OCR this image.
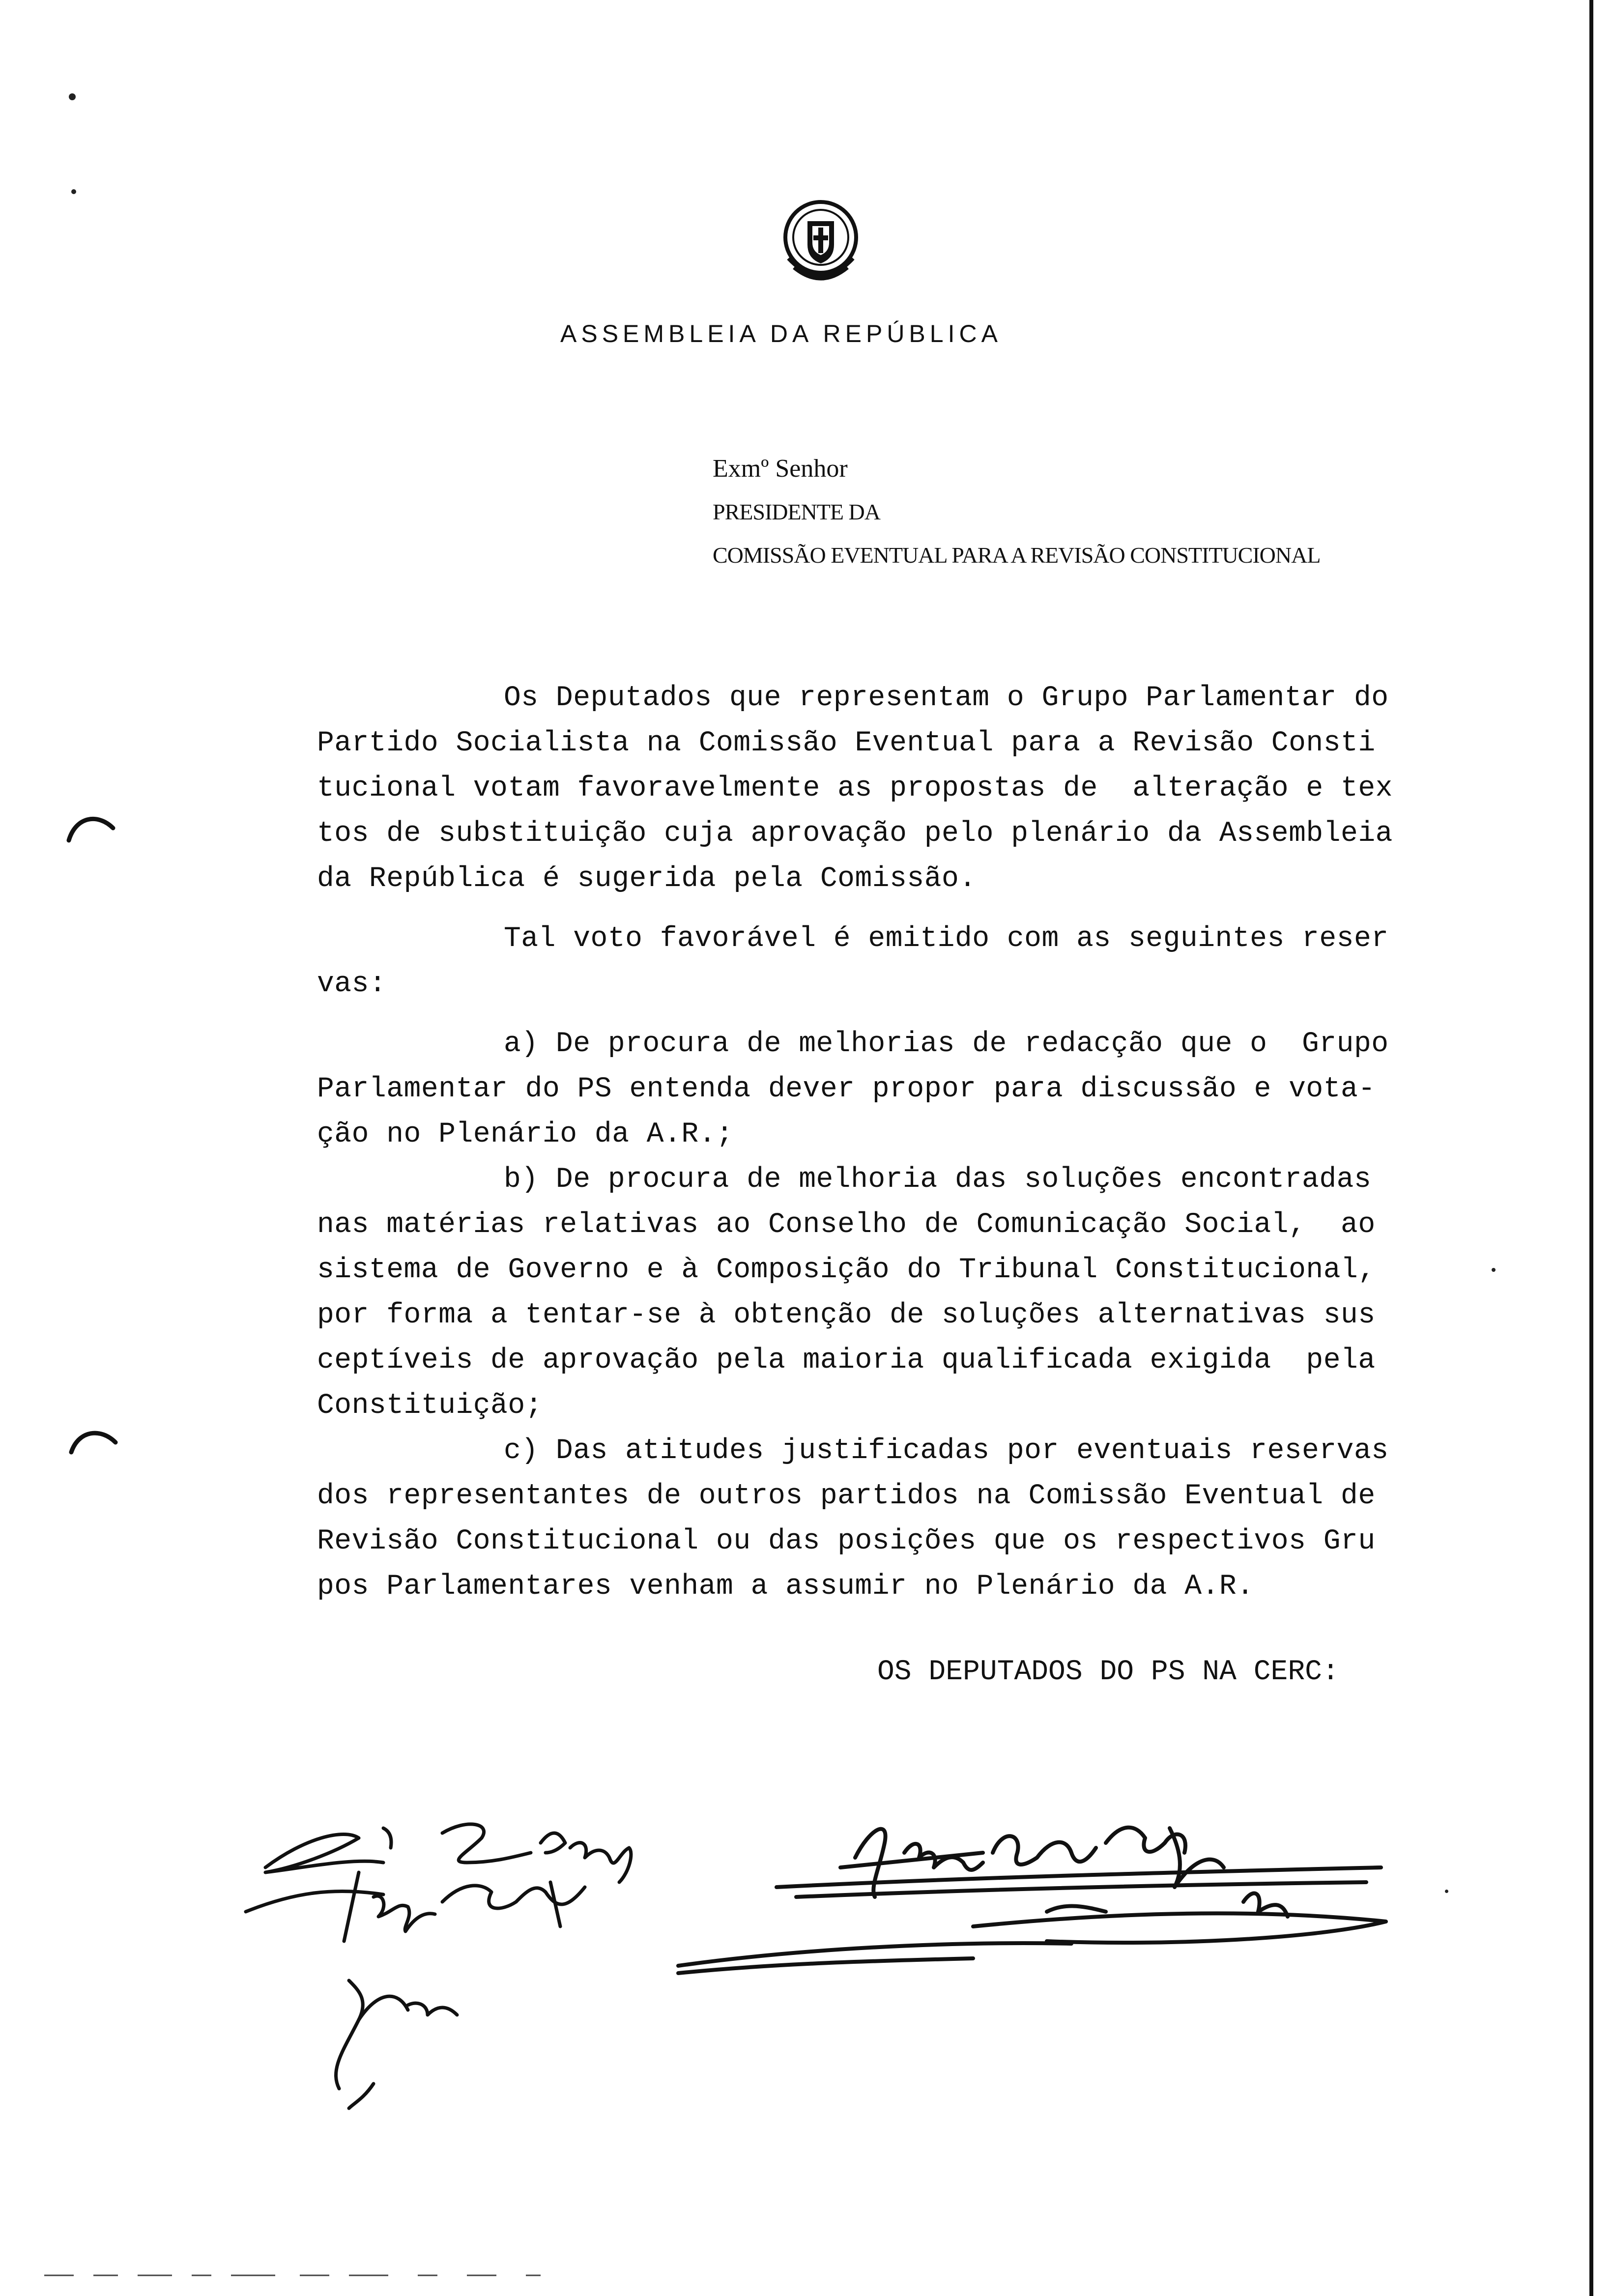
ASSEMBLEIA DA REPÚBLICA
Exmº Senhor
PRESIDENTE DA
COMISSÃO EVENTUAL PARA A REVISÃO CONSTITUCIONAL

Os Deputados que representam o Grupo Parlamentar do
Partido Socialista na Comissão Eventual para a Revisão Consti
tucional votam favoravelmente as propostas de  alteração e tex
tos de substituição cuja aprovação pelo plenário da Assembleia
da República é sugerida pela Comissão.

Tal voto favorável é emitido com as seguintes reser
vas:

a) De procura de melhorias de redacção que o  Grupo
Parlamentar do PS entenda dever propor para discussão e vota-
ção no Plenário da A.R.;

b) De procura de melhoria das soluções encontradas
nas matérias relativas ao Conselho de Comunicação Social,  ao
sistema de Governo e à Composição do Tribunal Constitucional,
por forma a tentar-se à obtenção de soluções alternativas sus
ceptíveis de aprovação pela maioria qualificada exigida  pela
Constituição;

c) Das atitudes justificadas por eventuais reservas
dos representantes de outros partidos na Comissão Eventual de
Revisão Constitucional ou das posições que os respectivos Gru
pos Parlamentares venham a assumir no Plenário da A.R.

OS DEPUTADOS DO PS NA CERC:
